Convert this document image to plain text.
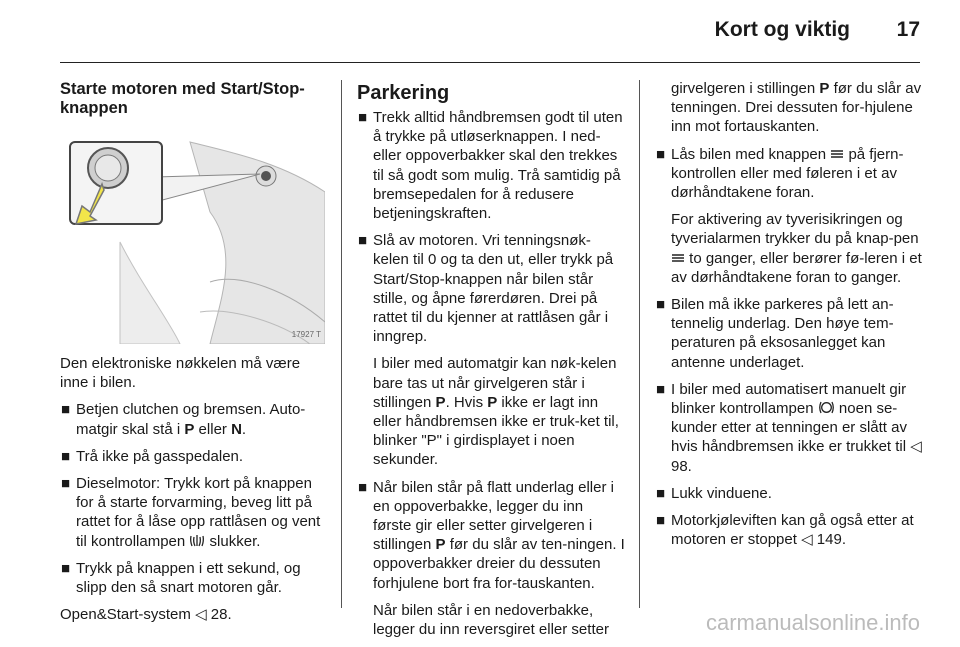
Kort og viktig 17
Starte motoren med Start/Stop-knappen
17927 T

Den elektroniske nøkkelen må være inne i bilen.

■ Betjen clutchen og bremsen. Auto-matgir skal stå i P eller N.
■ Trå ikke på gasspedalen.
■ Dieselmotor: Trykk kort på knappen for å starte forvarming, beveg litt på rattet for å låse opp rattlåsen og vent til kontrollampen  slukker.
■ Trykk på knappen i ett sekund, og slipp den så snart motoren går.

Open&Start-system ◁ 28.

Parkering
■ Trekk alltid håndbremsen godt til uten å trykke på utløserknappen. I ned- eller oppoverbakker skal den trekkes til så godt som mulig. Trå samtidig på bremsepedalen for å redusere betjeningskraften.
■ Slå av motoren. Vri tenningsnøk-kelen til 0 og ta den ut, eller trykk på Start/Stop-knappen når bilen står stille, og åpne førerdøren. Drei på rattet til du kjenner at rattlåsen går i inngrep.
I biler med automatgir kan nøk-kelen bare tas ut når girvelgeren står i stillingen P. Hvis P ikke er lagt inn eller håndbremsen ikke er truk-ket til, blinker "P" i girdisplayet i noen sekunder.
■ Når bilen står på flatt underlag eller i en oppoverbakke, legger du inn første gir eller setter girvelgeren i stillingen P før du slår av ten-ningen. I oppoverbakker dreier du dessuten forhjulene bort fra for-tauskanten.
Når bilen står i en nedoverbakke, legger du inn reversgiret eller setter
girvelgeren i stillingen P før du slår av tenningen. Drei dessuten for-hjulene inn mot fortauskanten.
■ Lås bilen med knappen  på fjern-kontrollen eller med føleren i et av dørhåndtakene foran.
For aktivering av tyverisikringen og tyverialarmen trykker du på knap-pen  to ganger, eller berører fø-leren i et av dørhåndtakene foran to ganger.
■ Bilen må ikke parkeres på lett an-tennelig underlag. Den høye tem-peraturen på eksosanlegget kan antenne underlaget.
■ I biler med automatisert manuelt gir blinker kontrollampen  noen se-kunder etter at tenningen er slått av hvis håndbremsen ikke er trukket til ◁ 98.
■ Lukk vinduene.
■ Motorkjøleviften kan gå også etter at motoren er stoppet ◁ 149.
carmanualsonline.info
